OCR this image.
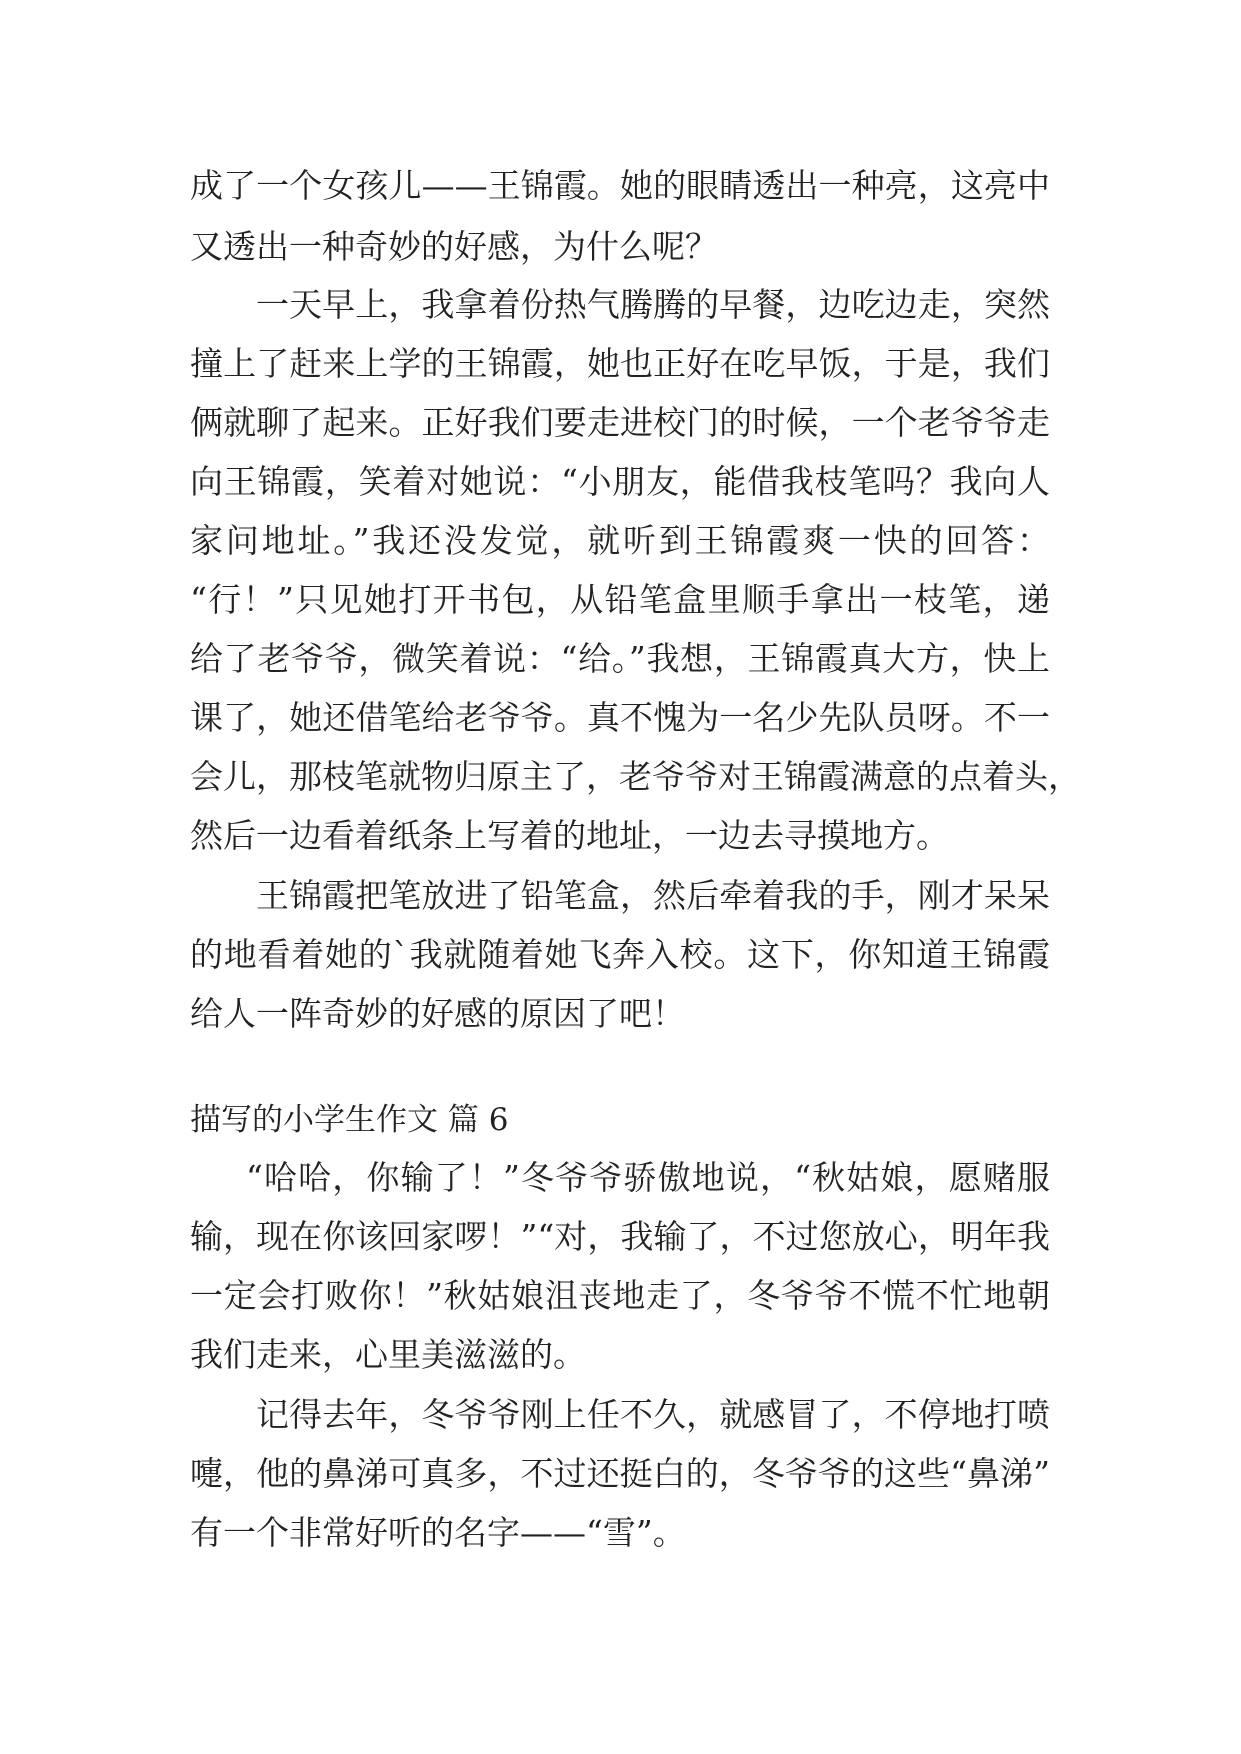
成了一个女孩儿——王锦霞。她的眼睛透出一种亮，这亮中
又透出一种奇妙的好感，为什么呢？
一天早上，我拿着份热气腾腾的早餐，边吃边走，突然
撞上了赶来上学的王锦霞，她也正好在吃早饭，于是，我们
俩就聊了起来。正好我们要走进校门的时候，一个老爷爷走
向王锦霞，笑着对她说：“小朋友，能借我枝笔吗？我向人
家问地址。”我还没发觉，就听到王锦霞爽一快的回答：
“行！”只见她打开书包，从铅笔盒里顺手拿出一枝笔，递
给了老爷爷，微笑着说：“给。”我想，王锦霞真大方，快上
课了，她还借笔给老爷爷。真不愧为一名少先队员呀。不一
会儿，那枝笔就物归原主了，老爷爷对王锦霞满意的点着头，
然后一边看着纸条上写着的地址，一边去寻摸地方。
王锦霞把笔放进了铅笔盒，然后牵着我的手，刚才呆呆
的地看着她的`我就随着她飞奔入校。这下，你知道王锦霞
给人一阵奇妙的好感的原因了吧！
描写的小学生作文 篇 6
“哈哈，你输了！”冬爷爷骄傲地说，“秋姑娘，愿赌服
输，现在你该回家啰！”“对，我输了，不过您放心，明年我
一定会打败你！”秋姑娘沮丧地走了，冬爷爷不慌不忙地朝
我们走来，心里美滋滋的。
记得去年，冬爷爷刚上任不久，就感冒了，不停地打喷
嚏，他的鼻涕可真多，不过还挺白的，冬爷爷的这些“鼻涕”
有一个非常好听的名字——“雪”。
